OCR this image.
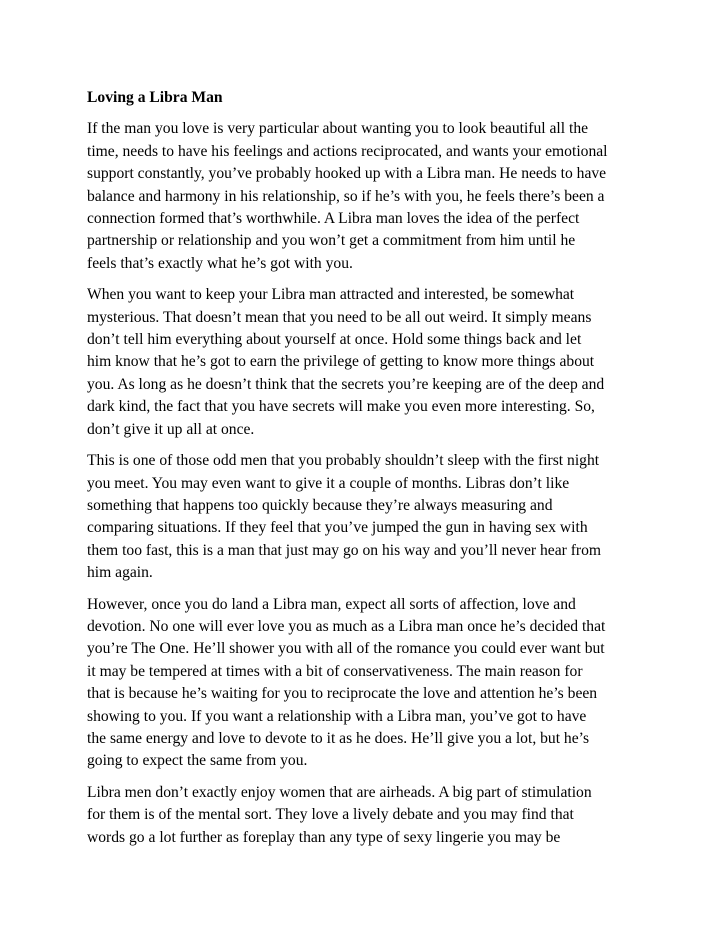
Loving a Libra Man
If the man you love is very particular about wanting you to look beautiful all the
time, needs to have his feelings and actions reciprocated, and wants your emotional
support constantly, you’ve probably hooked up with a Libra man. He needs to have
balance and harmony in his relationship, so if he’s with you, he feels there’s been a
connection formed that’s worthwhile. A Libra man loves the idea of the perfect
partnership or relationship and you won’t get a commitment from him until he
feels that’s exactly what he’s got with you.
When you want to keep your Libra man attracted and interested, be somewhat
mysterious. That doesn’t mean that you need to be all out weird. It simply means
don’t tell him everything about yourself at once. Hold some things back and let
him know that he’s got to earn the privilege of getting to know more things about
you. As long as he doesn’t think that the secrets you’re keeping are of the deep and
dark kind, the fact that you have secrets will make you even more interesting. So,
don’t give it up all at once.
This is one of those odd men that you probably shouldn’t sleep with the first night
you meet. You may even want to give it a couple of months. Libras don’t like
something that happens too quickly because they’re always measuring and
comparing situations. If they feel that you’ve jumped the gun in having sex with
them too fast, this is a man that just may go on his way and you’ll never hear from
him again.
However, once you do land a Libra man, expect all sorts of affection, love and
devotion. No one will ever love you as much as a Libra man once he’s decided that
you’re The One. He’ll shower you with all of the romance you could ever want but
it may be tempered at times with a bit of conservativeness. The main reason for
that is because he’s waiting for you to reciprocate the love and attention he’s been
showing to you. If you want a relationship with a Libra man, you’ve got to have
the same energy and love to devote to it as he does. He’ll give you a lot, but he’s
going to expect the same from you.
Libra men don’t exactly enjoy women that are airheads. A big part of stimulation
for them is of the mental sort. They love a lively debate and you may find that
words go a lot further as foreplay than any type of sexy lingerie you may be
